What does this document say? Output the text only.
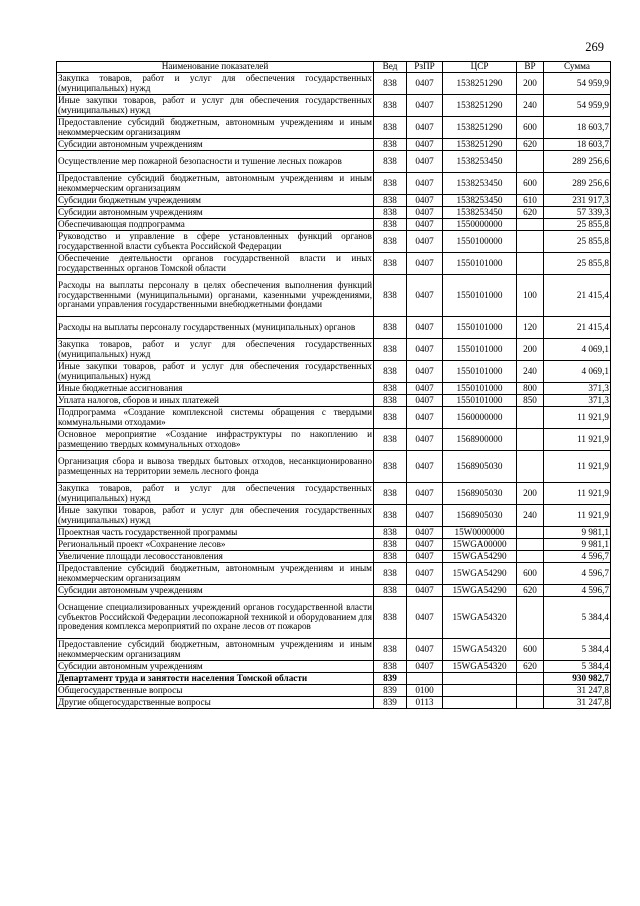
269
Наименование показателей	Вед	РзПР	ЦСР	ВР	Сумма
Закупка товаров, работ и услуг для обеспечения государственных (муниципальных) нужд	838	0407	1538251290	200	54 959,9
Иные закупки товаров, работ и услуг для обеспечения государственных (муниципальных) нужд	838	0407	1538251290	240	54 959,9
Предоставление субсидий бюджетным, автономным учреждениям и иным некоммерческим организациям	838	0407	1538251290	600	18 603,7
Субсидии автономным учреждениям	838	0407	1538251290	620	18 603,7
Осуществление мер пожарной безопасности и тушение лесных пожаров	838	0407	1538253450		289 256,6
Предоставление субсидий бюджетным, автономным учреждениям и иным некоммерческим организациям	838	0407	1538253450	600	289 256,6
Субсидии бюджетным учреждениям	838	0407	1538253450	610	231 917,3
Субсидии автономным учреждениям	838	0407	1538253450	620	57 339,3
Обеспечивающая подпрограмма	838	0407	1550000000		25 855,8
Руководство и управление в сфере установленных функций органов государственной власти субъекта Российской Федерации	838	0407	1550100000		25 855,8
Обеспечение деятельности органов государственной власти и иных государственных органов Томской области	838	0407	1550101000		25 855,8
Расходы на выплаты персоналу в целях обеспечения выполнения функций государственными (муниципальными) органами, казенными учреждениями, органами управления государственными внебюджетными фондами	838	0407	1550101000	100	21 415,4
Расходы на выплаты персоналу государственных (муниципальных) органов	838	0407	1550101000	120	21 415,4
Закупка товаров, работ и услуг для обеспечения государственных (муниципальных) нужд	838	0407	1550101000	200	4 069,1
Иные закупки товаров, работ и услуг для обеспечения государственных (муниципальных) нужд	838	0407	1550101000	240	4 069,1
Иные бюджетные ассигнования	838	0407	1550101000	800	371,3
Уплата налогов, сборов и иных платежей	838	0407	1550101000	850	371,3
Подпрограмма «Создание комплексной системы обращения с твердыми коммунальными отходами»	838	0407	1560000000		11 921,9
Основное мероприятие «Создание инфраструктуры по накоплению и размещению твердых коммунальных отходов»	838	0407	1568900000		11 921,9
Организация сбора и вывоза твердых бытовых отходов, несанкционированно размещенных на территории земель лесного фонда	838	0407	1568905030		11 921,9
Закупка товаров, работ и услуг для обеспечения государственных (муниципальных) нужд	838	0407	1568905030	200	11 921,9
Иные закупки товаров, работ и услуг для обеспечения государственных (муниципальных) нужд	838	0407	1568905030	240	11 921,9
Проектная часть государственной программы	838	0407	15W0000000		9 981,1
Региональный проект «Сохранение лесов»	838	0407	15WGA00000		9 981,1
Увеличение площади лесовосстановления	838	0407	15WGA54290		4 596,7
Предоставление субсидий бюджетным, автономным учреждениям и иным некоммерческим организациям	838	0407	15WGA54290	600	4 596,7
Субсидии автономным учреждениям	838	0407	15WGA54290	620	4 596,7
Оснащение специализированных учреждений органов государственной власти субъектов Российской Федерации лесопожарной техникой и оборудованием для проведения комплекса мероприятий по охране лесов от пожаров	838	0407	15WGA54320		5 384,4
Предоставление субсидий бюджетным, автономным учреждениям и иным некоммерческим организациям	838	0407	15WGA54320	600	5 384,4
Субсидии автономным учреждениям	838	0407	15WGA54320	620	5 384,4
Департамент труда и занятости населения Томской области	839				930 982,7
Общегосударственные вопросы	839	0100			31 247,8
Другие общегосударственные вопросы	839	0113			31 247,8
